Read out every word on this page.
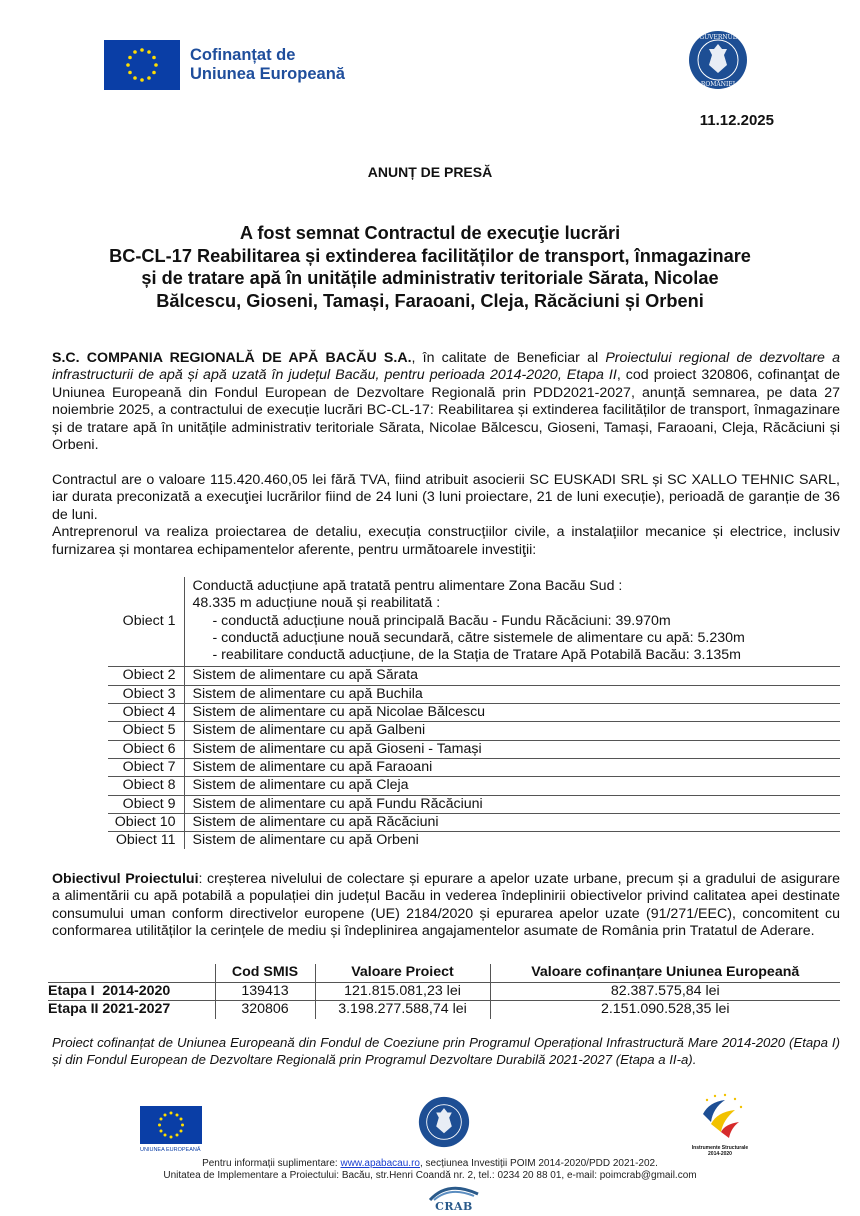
Cofinanțat de
Uniunea Europeană
GUVERNUL
ROMÂNIEI
11.12.2025
ANUNȚ DE PRESĂ
A fost semnat Contractul de execuţie lucrări
BC-CL-17 Reabilitarea și extinderea facilităților de transport, înmagazinare
și de tratare apă în unitățile administrativ teritoriale Sărata, Nicolae
Bălcescu, Gioseni, Tamași, Faraoani, Cleja, Răcăciuni și Orbeni
S.C. COMPANIA REGIONALĂ DE APĂ BACĂU S.A., în calitate de Beneficiar al Proiectului regional de dezvoltare a infrastructurii de apă și apă uzată în județul Bacău, pentru perioada 2014-2020, Etapa II, cod proiect 320806, cofinanţat de Uniunea Europeană din Fondul European de Dezvoltare Regională prin PDD2021-2027, anunță semnarea, pe data 27 noiembrie 2025, a contractului de execuție lucrări BC-CL-17: Reabilitarea și extinderea facilităților de transport, înmagazinare și de tratare apă în unitățile administrativ teritoriale Sărata, Nicolae Bălcescu, Gioseni, Tamași, Faraoani, Cleja, Răcăciuni și Orbeni.
Contractul are o valoare 115.420.460,05 lei fără TVA, fiind atribuit asocierii SC EUSKADI SRL și SC XALLO TEHNIC SARL, iar durata preconizată a execuţiei lucrărilor fiind de 24 luni (3 luni proiectare, 21 de luni execuție), perioadă de garanție de 36 de luni.
Antreprenorul va realiza proiectarea de detaliu, execuția construcțiilor civile, a instalațiilor mecanice și electrice, inclusiv furnizarea și montarea echipamentelor aferente, pentru următoarele investiţii:
Obiect 1	Conductă aducțiune apă tratată pentru alimentare Zona Bacău Sud :
48.335 m aducțiune nouă și reabilitată :
- conductă aducțiune nouă principală Bacău - Fundu Răcăciuni: 39.970m
- conductă aducțiune nouă secundară, către sistemele de alimentare cu apă: 5.230m
- reabilitare conductă aducțiune, de la Stația de Tratare Apă Potabilă Bacău: 3.135m

Obiect 2	Sistem de alimentare cu apă Sărata
Obiect 3	Sistem de alimentare cu apă Buchila
Obiect 4	Sistem de alimentare cu apă Nicolae Bălcescu
Obiect 5	Sistem de alimentare cu apă Galbeni
Obiect 6	Sistem de alimentare cu apă Gioseni - Tamași
Obiect 7	Sistem de alimentare cu apă Faraoani
Obiect 8	Sistem de alimentare cu apă Cleja
Obiect 9	Sistem de alimentare cu apă Fundu Răcăciuni
Obiect 10	Sistem de alimentare cu apă Răcăciuni
Obiect 11	Sistem de alimentare cu apă Orbeni
Obiectivul Proiectului: creșterea nivelului de colectare și epurare a apelor uzate urbane, precum și a gradului de asigurare a alimentării cu apă potabilă a populației din județul Bacău in vederea îndeplinirii obiectivelor privind calitatea apei destinate consumului uman conform directivelor europene (UE) 2184/2020 și epurarea apelor uzate (91/271/EEC), concomitent cu conformarea utilităților la cerințele de mediu și îndeplinirea angajamentelor asumate de România prin Tratatul de Aderare.
	Cod SMIS	Valoare Proiect	Valoare cofinanțare Uniunea Europeană
Etapa I  2014-2020	139413	121.815.081,23 lei	82.387.575,84 lei
Etapa II 2021-2027	320806	3.198.277.588,74 lei	2.151.090.528,35 lei
Proiect cofinanțat de Uniunea Europeană din Fondul de Coeziune prin Programul Operațional Infrastructură Mare 2014-2020 (Etapa I) și din Fondul European de Dezvoltare Regională prin Programul Dezvoltare Durabilă 2021-2027 (Etapa a II-a).
UNIUNEA EUROPEANĂ	Instrumente Structurale
2014-2020
Pentru informații suplimentare: www.apabacau.ro, secțiunea Investiții POIM 2014-2020/PDD 2021-202.
Unitatea de Implementare a Proiectului: Bacău, str.Henri Coandă nr. 2, tel.: 0234 20 88 01, e-mail: poimcrab@gmail.com
CRAB
